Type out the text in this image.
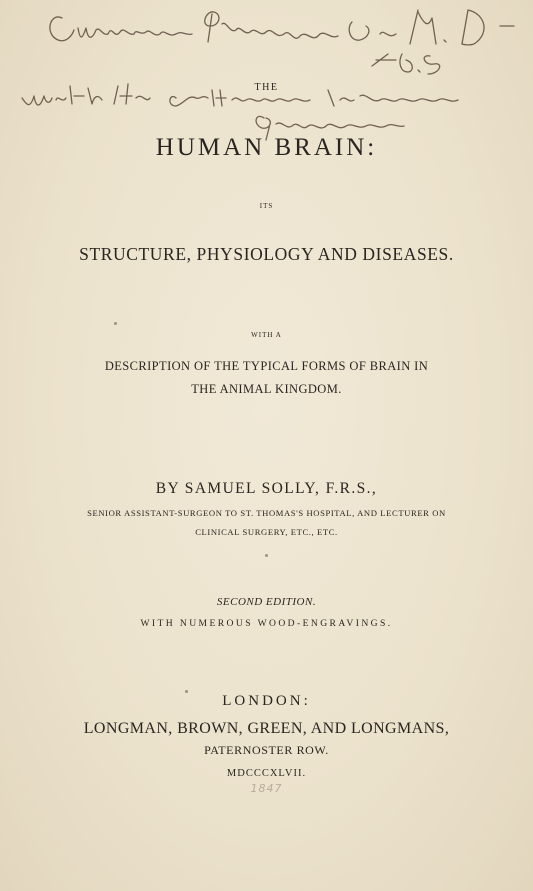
THE

HUMAN BRAIN:

ITS

STRUCTURE, PHYSIOLOGY AND DISEASES.

WITH A

DESCRIPTION OF THE TYPICAL FORMS OF BRAIN IN

THE ANIMAL KINGDOM.

BY SAMUEL SOLLY, F.R.S.,

SENIOR ASSISTANT-SURGEON TO ST. THOMAS'S HOSPITAL, AND LECTURER ON

CLINICAL SURGERY, ETC., ETC.

SECOND EDITION.

WITH NUMEROUS WOOD-ENGRAVINGS.

LONDON:

LONGMAN, BROWN, GREEN, AND LONGMANS,

PATERNOSTER ROW.

MDCCCXLVII.

1847
